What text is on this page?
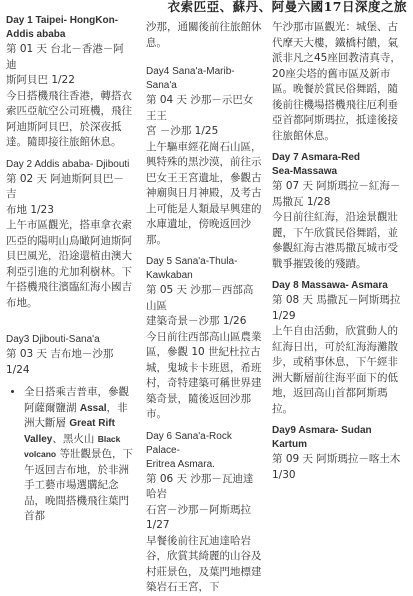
衣索匹亞、蘇丹、阿曼六國17日深度之旅
Day 1 Taipei- HongKon-
Addis ababa
第 01 天 台北－香港－阿迪
斯阿貝巴 1/22
今日搭機飛往香港，轉搭衣索匹亞航空公司班機，飛往阿迪斯阿貝巴，於深夜抵達。隨即接往旅館休息。
Day 2 Addis ababa- Djibouti
第 02 天 阿迪斯阿貝巴－吉
布地 1/23
上午市區觀光，搭車拿衣索匹亞的陽明山鳥瞰阿迪斯阿貝巴風光，沿途還植由澳大利亞引進的尤加利樹林。下午搭機飛往濱臨紅海小國吉布地。
Day3 Djibouti-Sana'a
第 03 天 吉布地－沙那 1/24
• 全日搭乘吉普車，參觀阿薩爾鹽湖 Assal，非洲大斷層 Great Rift Valley、黑火山 Black volcano 等壯觀景色，下午返回吉布地，於非洲手工藝市場選購紀念品，晚間搭機飛往葉門首都
沙那，通關後前往旅館休息。
Day4 Sana'a-Marib-Sana'a
第 04 天 沙那－示巴女王王
宮 －沙那 1/25
上午驅車經花崗石山區，興特殊的黑沙漠，前往示巴女王王宮遺址，參觀古神廟與日月神殿，及考古上可能是人類最早興建的水庫遺址，傍晚返回沙那。
Day 5 Sana'a-Thula-Kawkaban
第 05 天 沙那－西部高山區
建築奇景－沙那 1/26
今日前往西部高山區農業區，參觀 10 世紀杜拉古城，鬼城卡卡班恩，希班村，奇特建築可稱世界建築奇景，隨後返回沙那市。
Day 6 Sana'a-Rock Palace-
Eritrea Asmara.
第 06 天 沙那－瓦迪達哈岩
石宮－沙那－阿斯瑪拉 1/27
早餐後前往瓦迪達哈岩谷，欣賞其綺麗的山谷及村莊景色，及葉門地標建築岩石王宮，下
午沙那市區觀光：城堡、古代摩天大樓，鐵橋村饋，氣派非凡之45座回教清真寺，20座尖塔的舊市區及新市區。晚餐於賞民俗舞蹈，隨後前往機場搭機飛往厄利垂亞首都阿斯瑪拉，抵達後接往旅館休息。
Day 7 Asmara-Red
Sea-Massawa
第 07 天 阿斯瑪拉－紅海－
馬撒瓦 1/28
今日前往紅海，沿途景觀壯麗，下午欣賞民俗舞蹈，並參觀紅海古港馬撒瓦城市受戰爭摧毀後的殘蹟。
Day 8 Massawa- Asmara
第 08 天 馬撒瓦－阿斯瑪拉
1/29
上午自由活動，欣賞動人的紅海日出，可於紅海海灘散步，或稍事休息，下午經非洲大斷層前往海平面下的低地，返回高山首都阿斯瑪拉。
Day9 Asmara- Sudan Kartum
第 09 天 阿斯瑪拉－喀土木
1/30
